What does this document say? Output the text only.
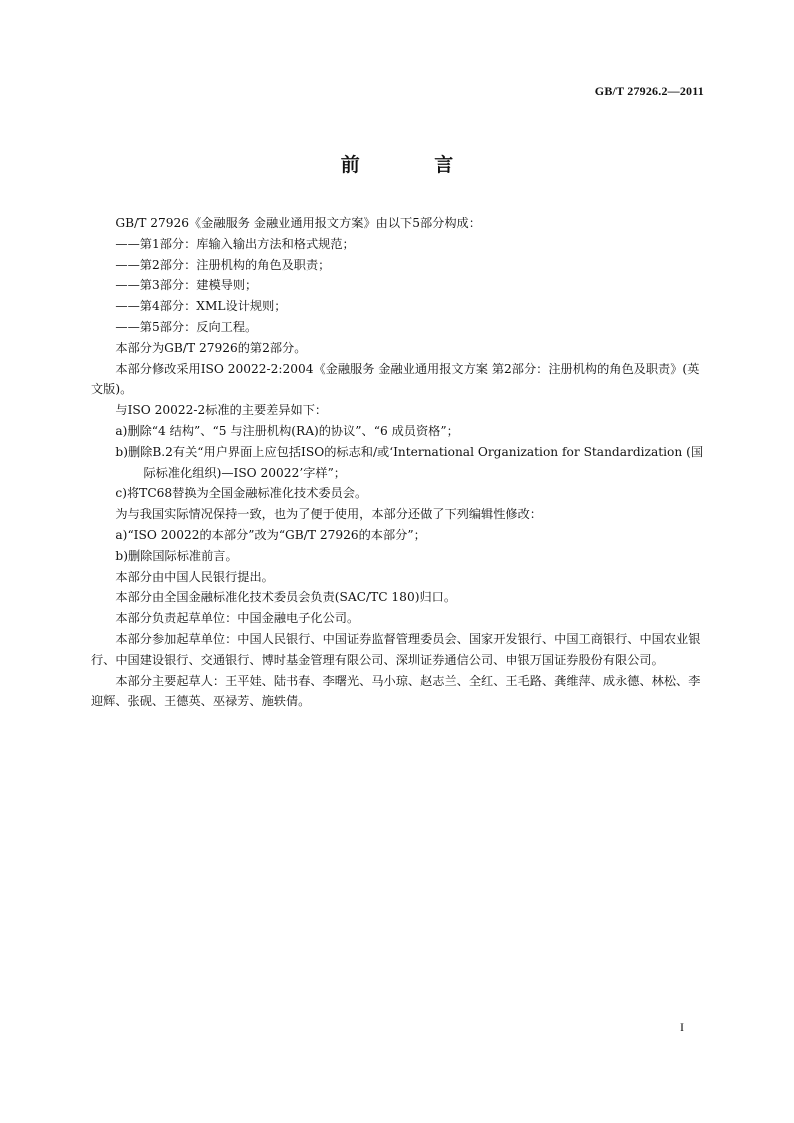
GB/T 27926.2—2011
前 言

GB/T 27926《金融服务 金融业通用报文方案》由以下5部分构成：

——第1部分：库输入输出方法和格式规范；

——第2部分：注册机构的角色及职责；

——第3部分：建模导则；

——第4部分：XML设计规则；

——第5部分：反向工程。

本部分为GB/T 27926的第2部分。

本部分修改采用ISO 20022-2:2004《金融服务 金融业通用报文方案 第2部分：注册机构的角色及职责》(英文版)。

与ISO 20022-2标准的主要差异如下：

a)删除“4 结构”、“5 与注册机构(RA)的协议”、“6 成员资格”；

b)删除B.2有关“用户界面上应包括ISO的标志和/或‘International Organization for Standardization (国际标准化组织)—ISO 20022’字样”；

c)将TC68替换为全国金融标准化技术委员会。

为与我国实际情况保持一致，也为了便于使用，本部分还做了下列编辑性修改：

a)“ISO 20022的本部分”改为“GB/T 27926的本部分”；

b)删除国际标准前言。

本部分由中国人民银行提出。

本部分由全国金融标准化技术委员会负责(SAC/TC 180)归口。

本部分负责起草单位：中国金融电子化公司。

本部分参加起草单位：中国人民银行、中国证券监督管理委员会、国家开发银行、中国工商银行、中国农业银行、中国建设银行、交通银行、博时基金管理有限公司、深圳证券通信公司、申银万国证券股份有限公司。

本部分主要起草人：王平娃、陆书春、李曙光、马小琼、赵志兰、全红、王毛路、龚维萍、成永德、林松、李迎辉、张砚、王德英、巫禄芳、施轶倩。

I
